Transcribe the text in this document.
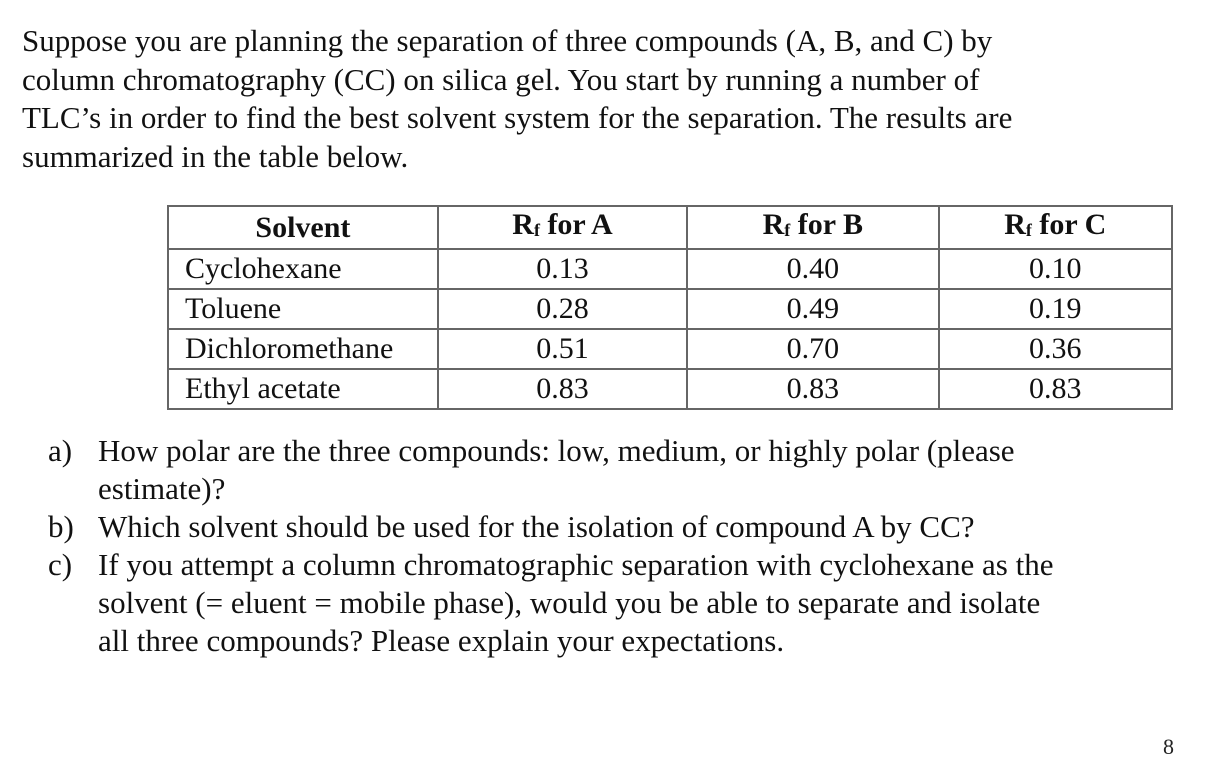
Suppose you are planning the separation of three compounds (A, B, and C) by

column chromatography (CC) on silica gel. You start by running a number of

TLC’s in order to find the best solvent system for the separation. The results are

summarized in the table below.

Solvent	Rf for A	Rf for B	Rf for C
Cyclohexane	0.13	0.40	0.10
Toluene	0.28	0.49	0.19
Dichloromethane	0.51	0.70	0.36
Ethyl acetate	0.83	0.83	0.83
a) How polar are the three compounds: low, medium, or highly polar (please
estimate)?
b) Which solvent should be used for the isolation of compound A by CC?
c) If you attempt a column chromatographic separation with cyclohexane as the
solvent (= eluent = mobile phase), would you be able to separate and isolate
all three compounds? Please explain your expectations.
8
